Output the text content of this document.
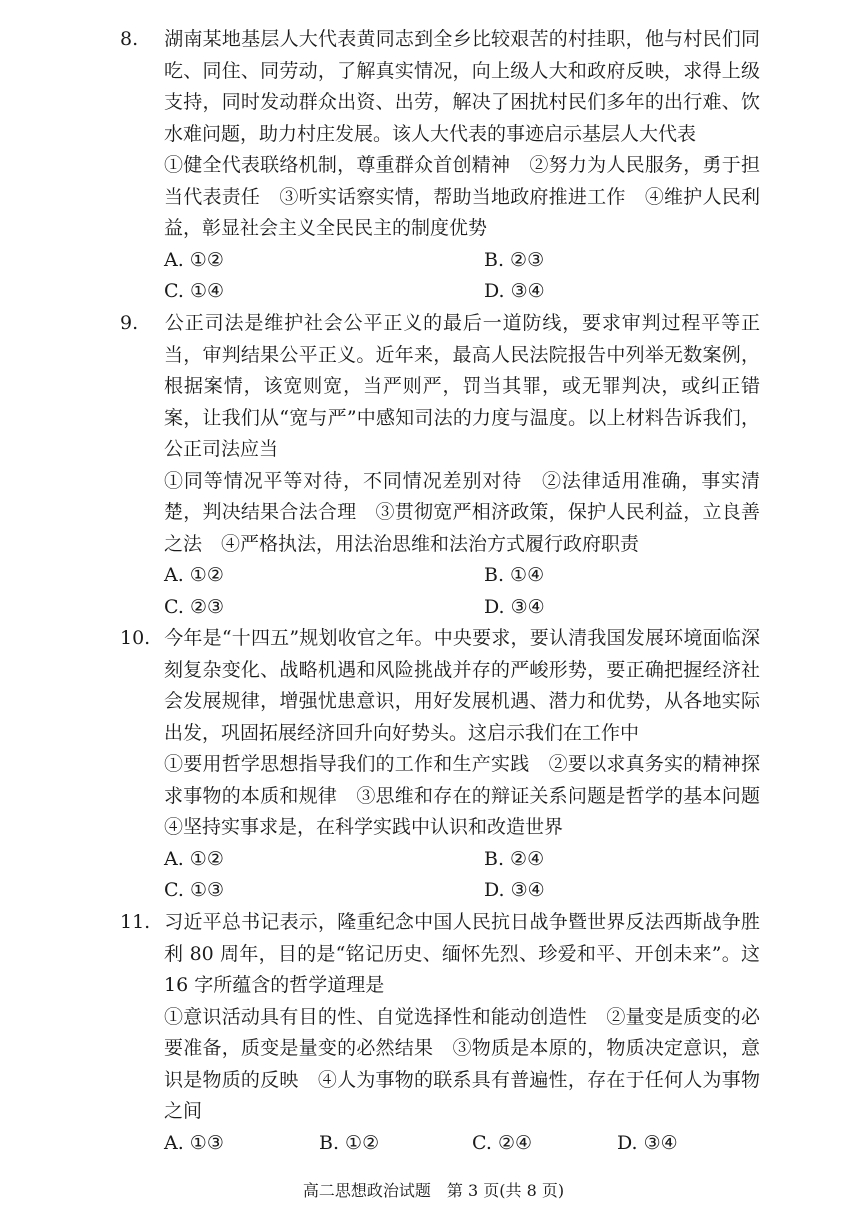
8. 湖南某地基层人大代表黄同志到全乡比较艰苦的村挂职，他与村民们同吃、同住、同劳动，了解真实情况，向上级人大和政府反映，求得上级支持，同时发动群众出资、出劳，解决了困扰村民们多年的出行难、饮水难问题，助力村庄发展。该人大代表的事迹启示基层人大代表

①健全代表联络机制，尊重群众首创精神　②努力为人民服务，勇于担当代表责任　③听实话察实情，帮助当地政府推进工作　④维护人民利益，彰显社会主义全民民主的制度优势

A. ①②	B. ②③
C. ①④	D. ③④

9. 公正司法是维护社会公平正义的最后一道防线，要求审判过程平等正当，审判结果公平正义。近年来，最高人民法院报告中列举无数案例，根据案情，该宽则宽，当严则严，罚当其罪，或无罪判决，或纠正错案，让我们从“宽与严”中感知司法的力度与温度。以上材料告诉我们，公正司法应当

①同等情况平等对待，不同情况差别对待　②法律适用准确，事实清楚，判决结果合法合理　③贯彻宽严相济政策，保护人民利益，立良善之法　④严格执法，用法治思维和法治方式履行政府职责

A. ①②	B. ①④
C. ②③	D. ③④

10. 今年是“十四五”规划收官之年。中央要求，要认清我国发展环境面临深刻复杂变化、战略机遇和风险挑战并存的严峻形势，要正确把握经济社会发展规律，增强忧患意识，用好发展机遇、潜力和优势，从各地实际出发，巩固拓展经济回升向好势头。这启示我们在工作中

①要用哲学思想指导我们的工作和生产实践　②要以求真务实的精神探求事物的本质和规律　③思维和存在的辩证关系问题是哲学的基本问题　④坚持实事求是，在科学实践中认识和改造世界

A. ①②	B. ②④
C. ①③	D. ③④

11. 习近平总书记表示，隆重纪念中国人民抗日战争暨世界反法西斯战争胜利 80 周年，目的是“铭记历史、缅怀先烈、珍爱和平、开创未来”。这 16 字所蕴含的哲学道理是

①意识活动具有目的性、自觉选择性和能动创造性　②量变是质变的必要准备，质变是量变的必然结果　③物质是本原的，物质决定意识，意识是物质的反映　④人为事物的联系具有普遍性，存在于任何人为事物之间

A. ①③	B. ①②	C. ②④	D. ③④
高二思想政治试题　第 3 页(共 8 页)
